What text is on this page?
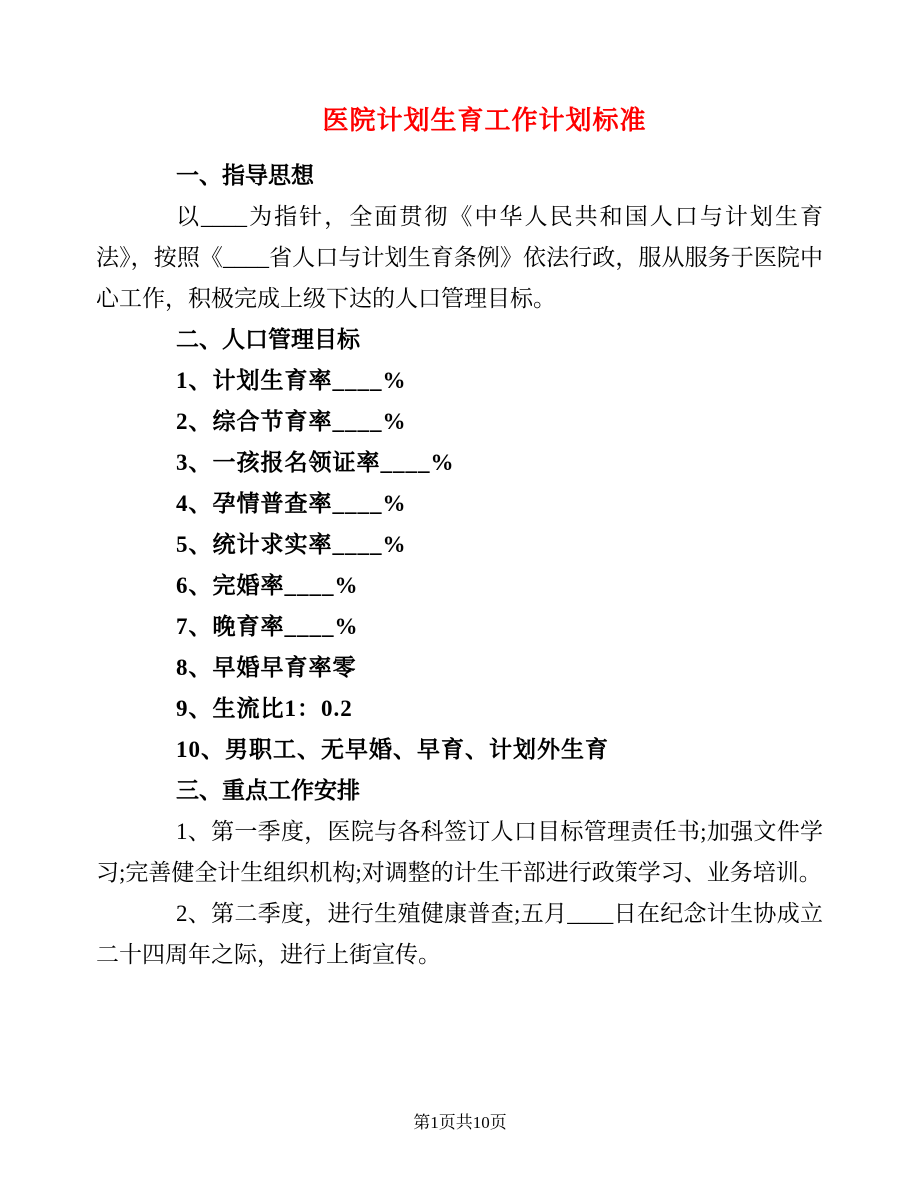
医院计划生育工作计划标准
一、指导思想

以____为指针，全面贯彻《中华人民共和国人口与计划生育法》，按照《____省人口与计划生育条例》依法行政，服从服务于医院中心工作，积极完成上级下达的人口管理目标。

二、人口管理目标
1、计划生育率____%
2、综合节育率____%
3、一孩报名领证率____%
4、孕情普查率____%
5、统计求实率____%
6、完婚率____%
7、晚育率____%
8、早婚早育率零
9、生流比1：0.2
10、男职工、无早婚、早育、计划外生育
三、重点工作安排

1、第一季度，医院与各科签订人口目标管理责任书;加强文件学习;完善健全计生组织机构;对调整的计生干部进行政策学习、业务培训。

2、第二季度，进行生殖健康普查;五月____日在纪念计生协成立二十四周年之际，进行上街宣传。

第1页共10页
